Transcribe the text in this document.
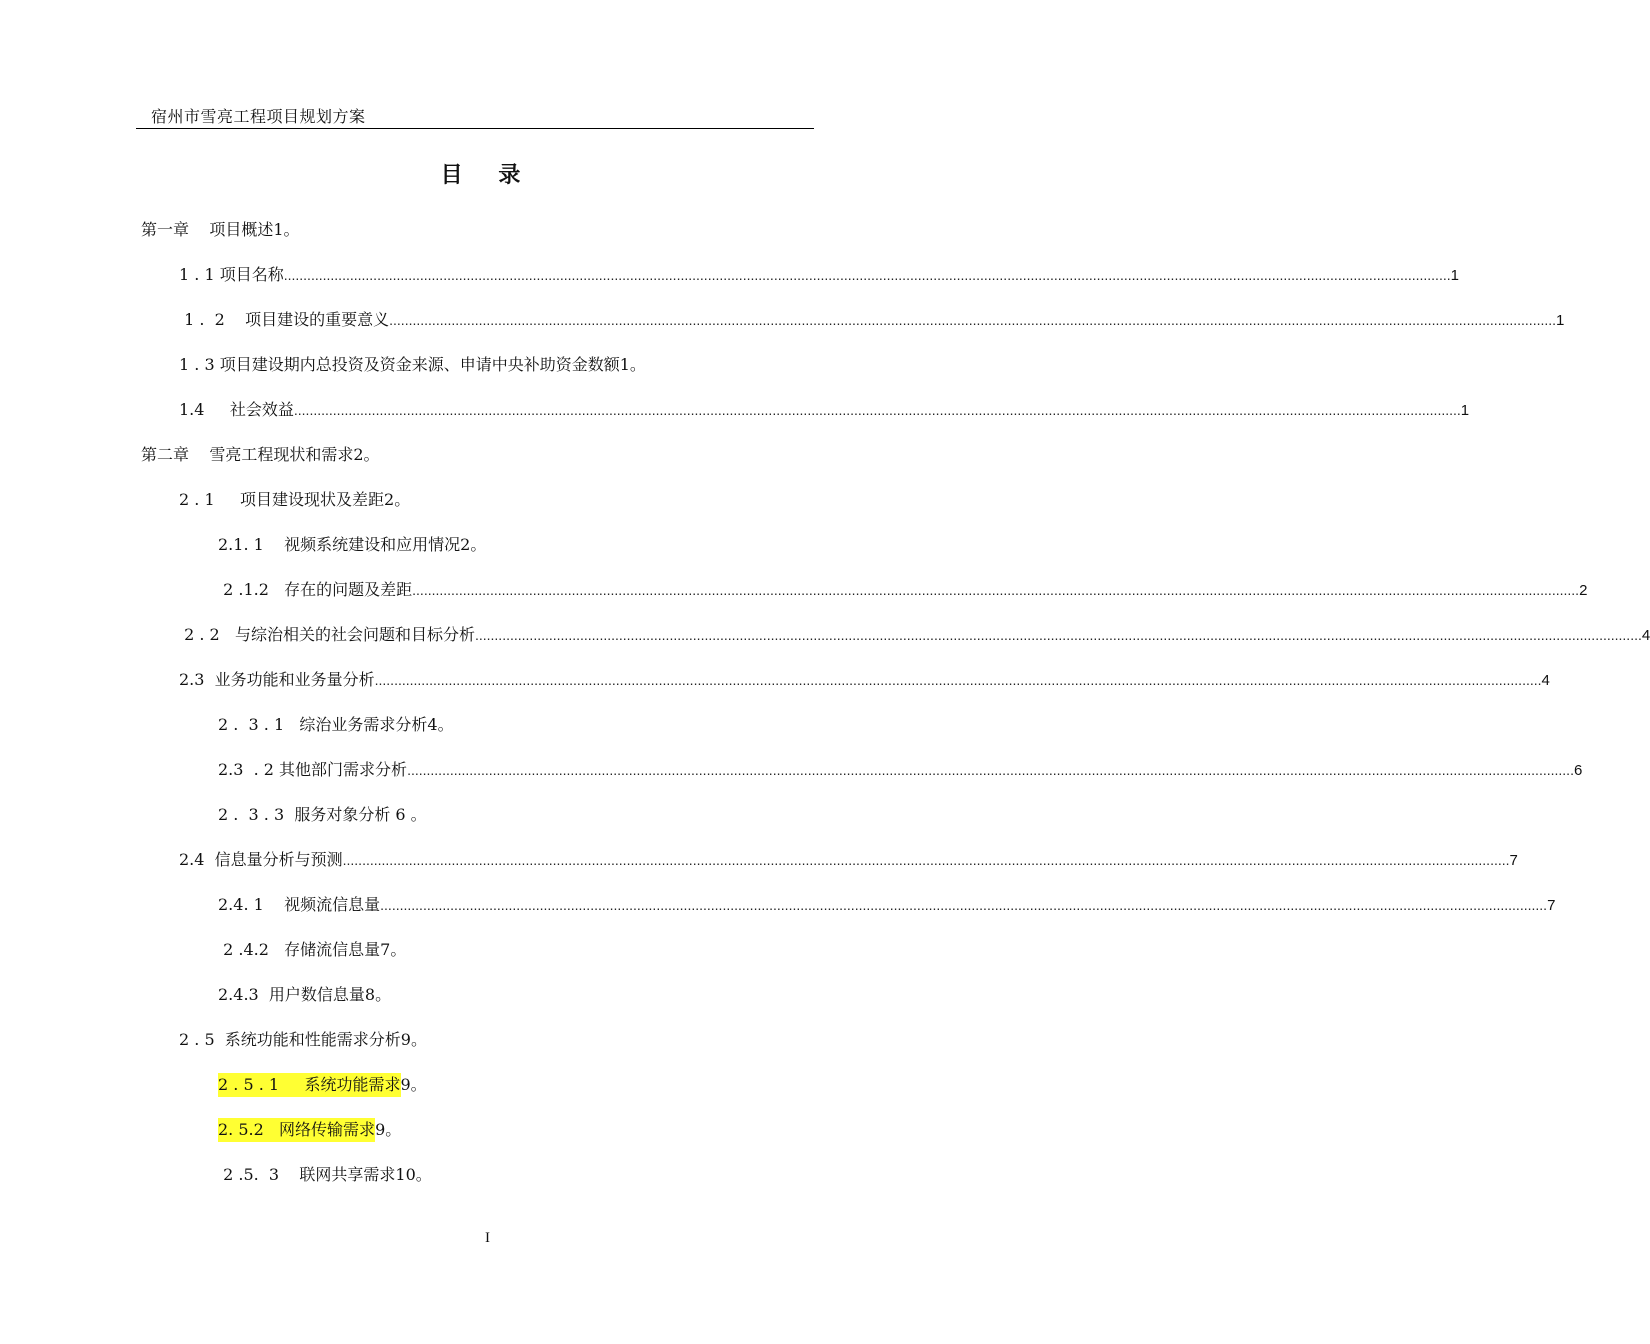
宿州市雪亮工程项目规划方案
目 录
第一章    项目概述1。
1 . 1 项目名称 ............................................................................................................................................................................................................................................................................................................ 1
1 .  2    项目建设的重要意义 ............................................................................................................................................................................................................................................................................................................ 1
1 . 3 项目建设期内总投资及资金来源、申请中央补助资金数额1。
1.4     社会效益 ............................................................................................................................................................................................................................................................................................................ 1
第二章    雪亮工程现状和需求2。
2 . 1     项目建设现状及差距2。
2.1. 1    视频系统建设和应用情况2。
2 .1.2   存在的问题及差距 ............................................................................................................................................................................................................................................................................................................ 2
2 . 2   与综治相关的社会问题和目标分析 ............................................................................................................................................................................................................................................................................................................ 4
2.3  业务功能和业务量分析 ............................................................................................................................................................................................................................................................................................................ 4
2 .  3 . 1   综治业务需求分析4。
2.3  . 2 其他部门需求分析 ............................................................................................................................................................................................................................................................................................................ 6
2 .  3 . 3  服务对象分析 6 。
2.4  信息量分析与预测 ............................................................................................................................................................................................................................................................................................................ 7
2.4. 1    视频流信息量 ............................................................................................................................................................................................................................................................................................................ 7
2 .4.2   存储流信息量7。
2.4.3  用户数信息量8。
2 . 5  系统功能和性能需求分析9。
2 . 5 . 1     系统功能需求 9。
2. 5.2   网络传输需求 9。
2 .5.  3    联网共享需求10。
I
